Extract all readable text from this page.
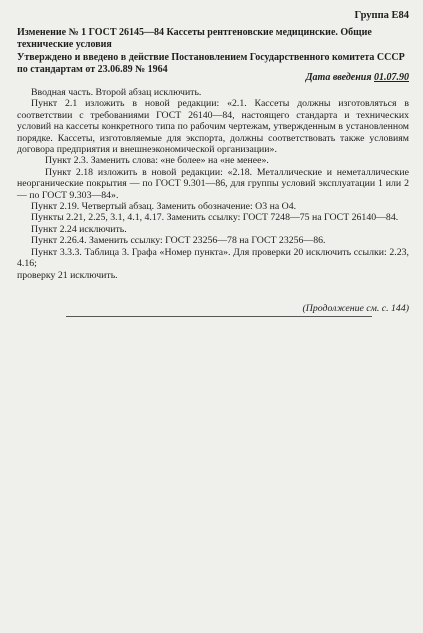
Группа Е84
Изменение № 1 ГОСТ 26145—84 Кассеты рентгеновские медицинские. Общие технические условия
Утверждено и введено в действие Постановлением Государственного комитета СССР по стандартам от 23.06.89 № 1964
Дата введения 01.07.90

Вводная часть. Второй абзац исключить.

Пункт 2.1 изложить в новой редакции: «2.1. Кассеты должны изготовляться в соответствии с требованиями ГОСТ 26140—84, настоящего стандарта и технических условий на кассеты конкретного типа по рабочим чертежам, утвержденным в установленном порядке. Кассеты, изготовляемые для экспорта, должны соответствовать также условиям договора предприятия и внешнеэкономической организации».

Пункт 2.3. Заменить слова: «не более» на «не менее».

Пункт 2.18 изложить в новой редакции: «2.18. Металлические и неметаллические неорганические покрытия — по ГОСТ 9.301—86, для группы условий эксплуатации 1 или 2 — по ГОСТ 9.303—84».

Пункт 2.19. Четвертый абзац. Заменить обозначение: О3 на О4.

Пункты 2.21, 2.25, 3.1, 4.1, 4.17. Заменить ссылку: ГОСТ 7248—75 на ГОСТ 26140—84.

Пункт 2.24 исключить.

Пункт 2.26.4. Заменить ссылку: ГОСТ 23256—78 на ГОСТ 23256—86.

Пункт 3.3.3. Таблица 3. Графа «Номер пункта». Для проверки 20 исключить ссылки: 2.23, 4.16;

проверку 21 исключить.

(Продолжение см. с. 144)
